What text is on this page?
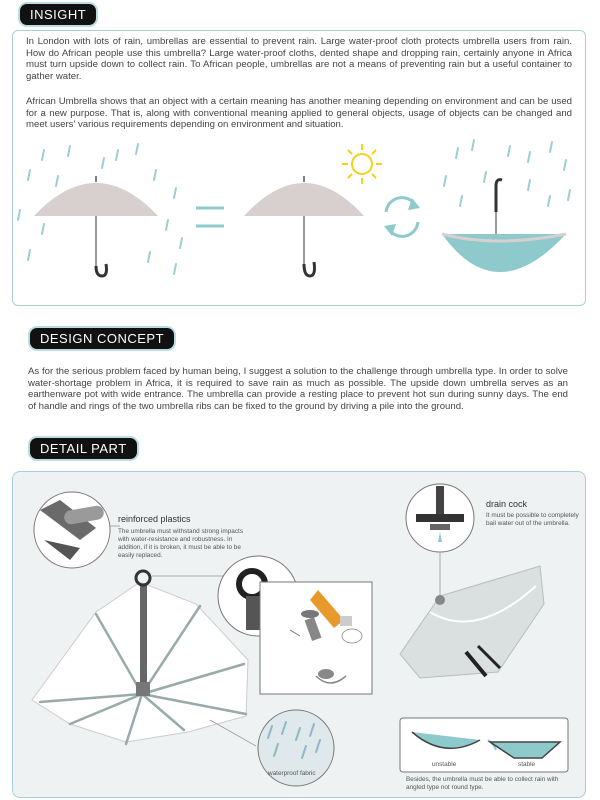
INSIGHT
In London with lots of rain, umbrellas are essential to prevent rain. Large water-proof cloth protects umbrella users from rain. How do African people use this umbrella? Large water-proof cloths, dented shape and dropping rain, certainly anyone in Africa must turn upside down to collect rain. To African people, umbrellas are not a means of preventing rain but a useful container to gather water.
African Umbrella shows that an object with a certain meaning has another meaning depending on environment and can be used for a new purpose. That is, along with conventional meaning applied to general objects, usage of objects can be changed and meet users' various requirements depending on environment and situation.
DESIGN CONCEPT
As for the serious problem faced by human being, I suggest a solution to the challenge through umbrella type. In order to solve water-shortage problem in Africa, it is required to save rain as much as possible. The upside down umbrella serves as an earthenware pot with wide entrance. The umbrella can provide a resting place to prevent hot sun during sunny days. The end of handle and rings of the two umbrella ribs can be fixed to the ground by driving a pile into the ground.
DETAIL PART
reinforced plastics
The umbrella must withstand strong impacts with water-resistance and robustness. In addition, if it is broken, it must be able to be easily replaced.
drain cock
It must be possible to completely bail water out of the umbrella.
waterproof fabric
unstable	stable
Besides, the umbrella must be able to collect rain with angled type not round type.
